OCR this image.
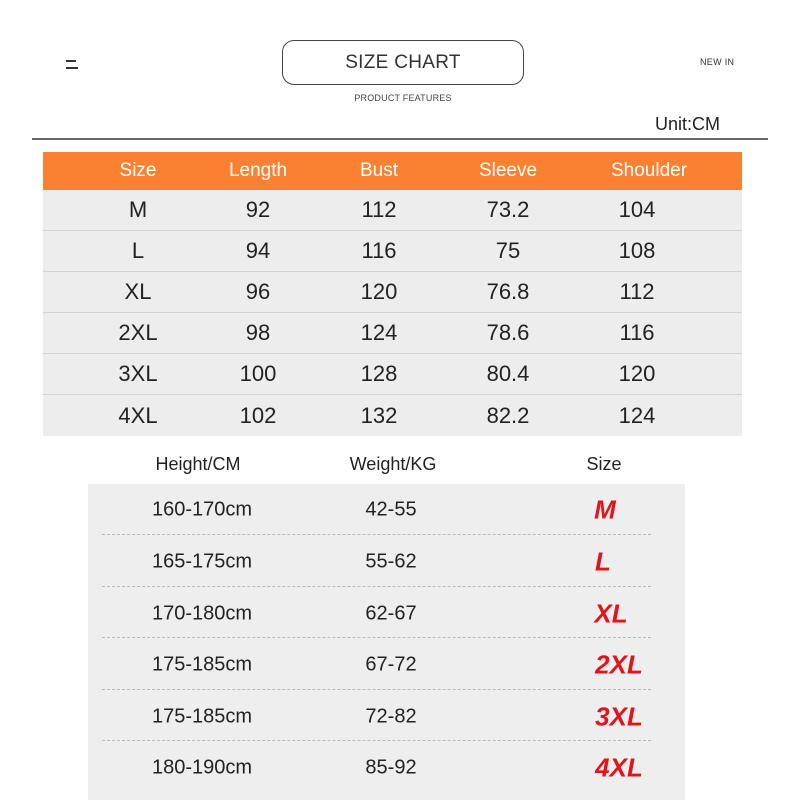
SIZE CHART
PRODUCT FEATURES
NEW IN
Unit:CM
Size	Length	Bust	Sleeve	Shoulder
M	92	112	73.2	104
L	94	116	75	108
XL	96	120	76.8	112
2XL	98	124	78.6	116
3XL	100	128	80.4	120
4XL	102	132	82.2	124
Height/CM	Weight/KG	Size
160-170cm	42-55	M
165-175cm	55-62	L
170-180cm	62-67	XL
175-185cm	67-72	2XL
175-185cm	72-82	3XL
180-190cm	85-92	4XL
